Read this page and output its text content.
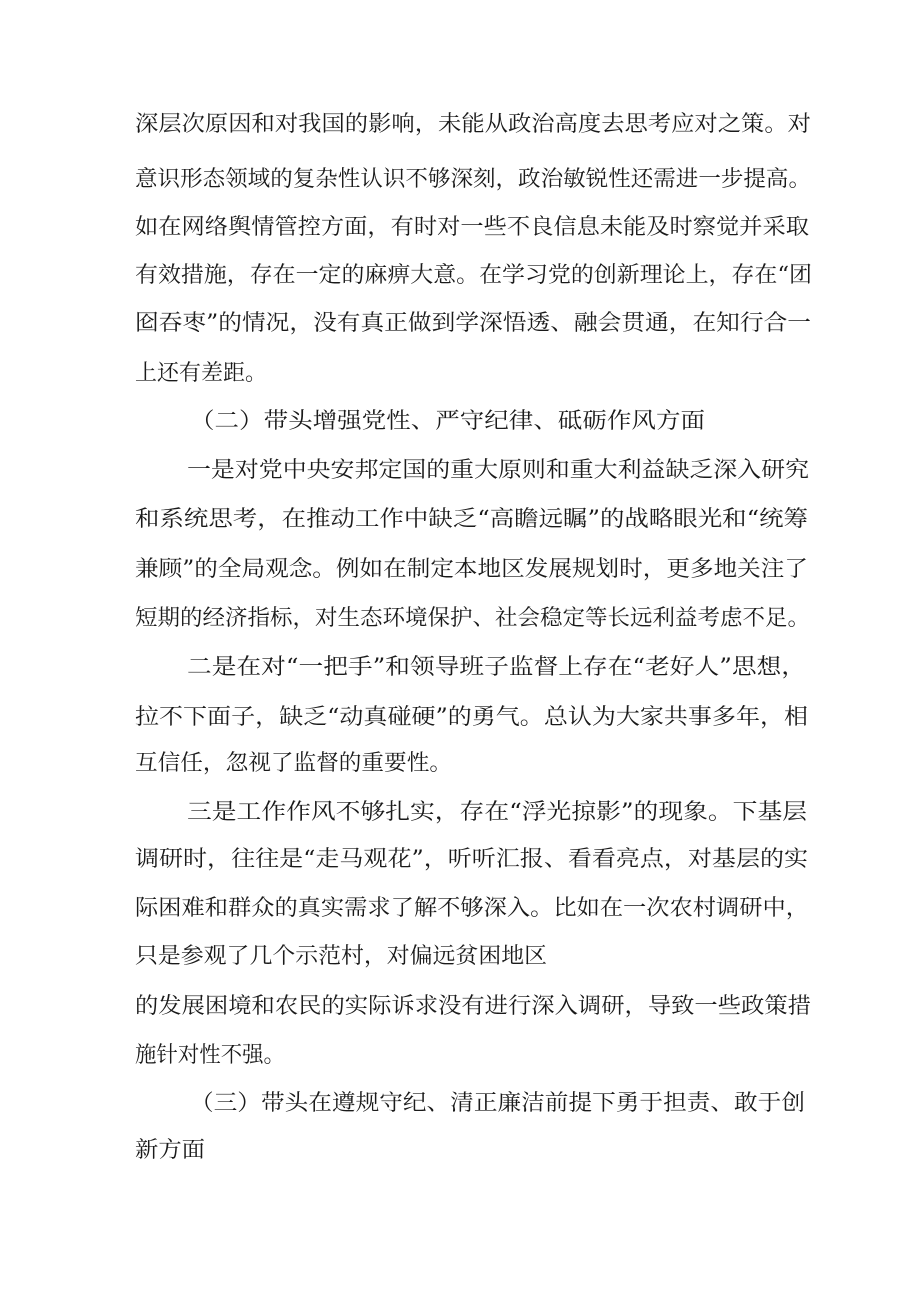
深层次原因和对我国的影响，未能从政治高度去思考应对之策。对
意识形态领域的复杂性认识不够深刻，政治敏锐性还需进一步提高。
如在网络舆情管控方面，有时对一些不良信息未能及时察觉并采取
有效措施，存在一定的麻痹大意。在学习党的创新理论上，存在“团
囵吞枣”的情况，没有真正做到学深悟透、融会贯通，在知行合一
上还有差距。
（二）带头增强党性、严守纪律、砥砺作风方面
一是对党中央安邦定国的重大原则和重大利益缺乏深入研究
和系统思考，在推动工作中缺乏“高瞻远瞩”的战略眼光和“统筹
兼顾”的全局观念。例如在制定本地区发展规划时，更多地关注了
短期的经济指标，对生态环境保护、社会稳定等长远利益考虑不足。
二是在对“一把手”和领导班子监督上存在“老好人”思想，
拉不下面子，缺乏“动真碰硬”的勇气。总认为大家共事多年，相
互信任，忽视了监督的重要性。
三是工作作风不够扎实，存在“浮光掠影”的现象。下基层
调研时，往往是“走马观花”，听听汇报、看看亮点，对基层的实
际困难和群众的真实需求了解不够深入。比如在一次农村调研中，
只是参观了几个示范村，对偏远贫困地区
的发展困境和农民的实际诉求没有进行深入调研，导致一些政策措
施针对性不强。
（三）带头在遵规守纪、清正廉洁前提下勇于担责、敢于创
新方面
